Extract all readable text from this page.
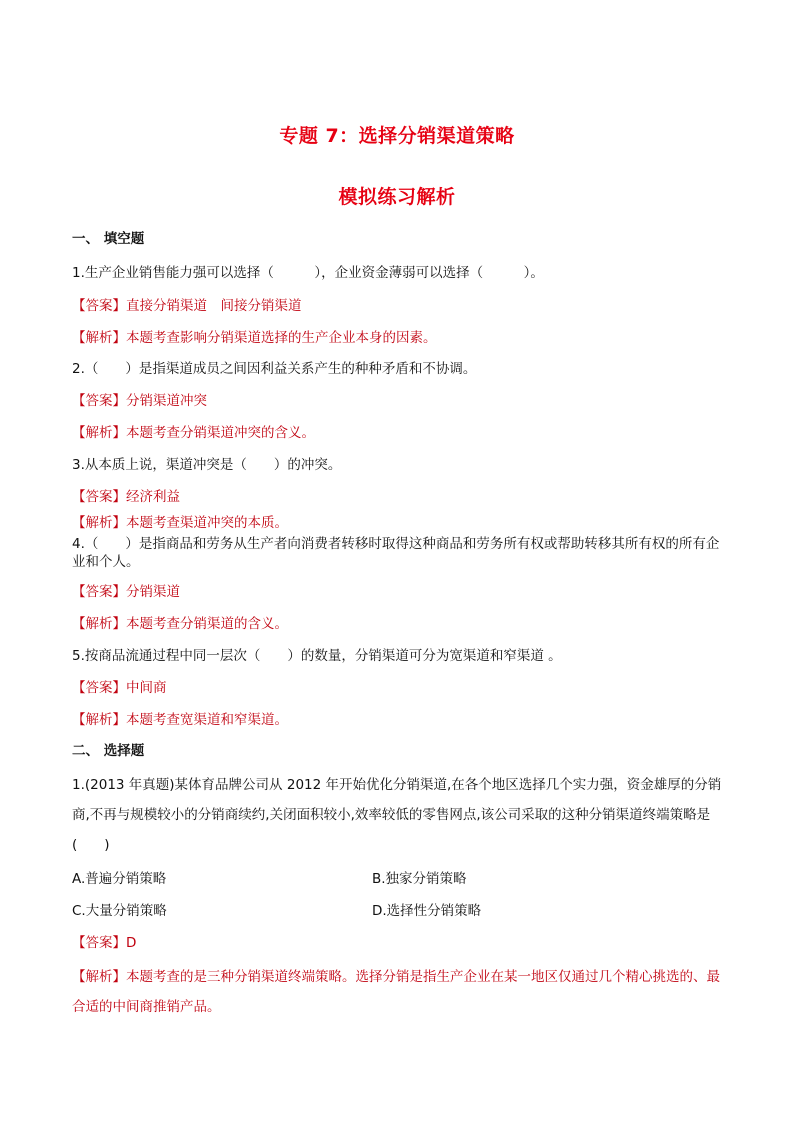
专题 7：选择分销渠道策略
模拟练习解析
一、 填空题
1.生产企业销售能力强可以选择（　　　），企业资金薄弱可以选择（　　　）。
【答案】直接分销渠道　间接分销渠道
【解析】本题考查影响分销渠道选择的生产企业本身的因素。
2.（　　）是指渠道成员之间因利益关系产生的种种矛盾和不协调。
【答案】分销渠道冲突
【解析】本题考查分销渠道冲突的含义。
3.从本质上说，渠道冲突是（　　）的冲突。
【答案】经济利益
【解析】本题考查渠道冲突的本质。
4.（　　）是指商品和劳务从生产者向消费者转移时取得这种商品和劳务所有权或帮助转移其所有权的所有企业和个人。
【答案】分销渠道
【解析】本题考查分销渠道的含义。
5.按商品流通过程中同一层次（　　）的数量，分销渠道可分为宽渠道和窄渠道 。
【答案】中间商
【解析】本题考查宽渠道和窄渠道。
二、 选择题
1.(2013 年真题)某体育品牌公司从 2012 年开始优化分销渠道,在各个地区选择几个实力强，资金雄厚的分销商,不再与规模较小的分销商续约,关闭面积较小,效率较低的零售网点,该公司采取的这种分销渠道终端策略是(　　)
A.普遍分销策略	B.独家分销策略
C.大量分销策略	D.选择性分销策略
【答案】D
【解析】本题考查的是三种分销渠道终端策略。选择分销是指生产企业在某一地区仅通过几个精心挑选的、最合适的中间商推销产品。
